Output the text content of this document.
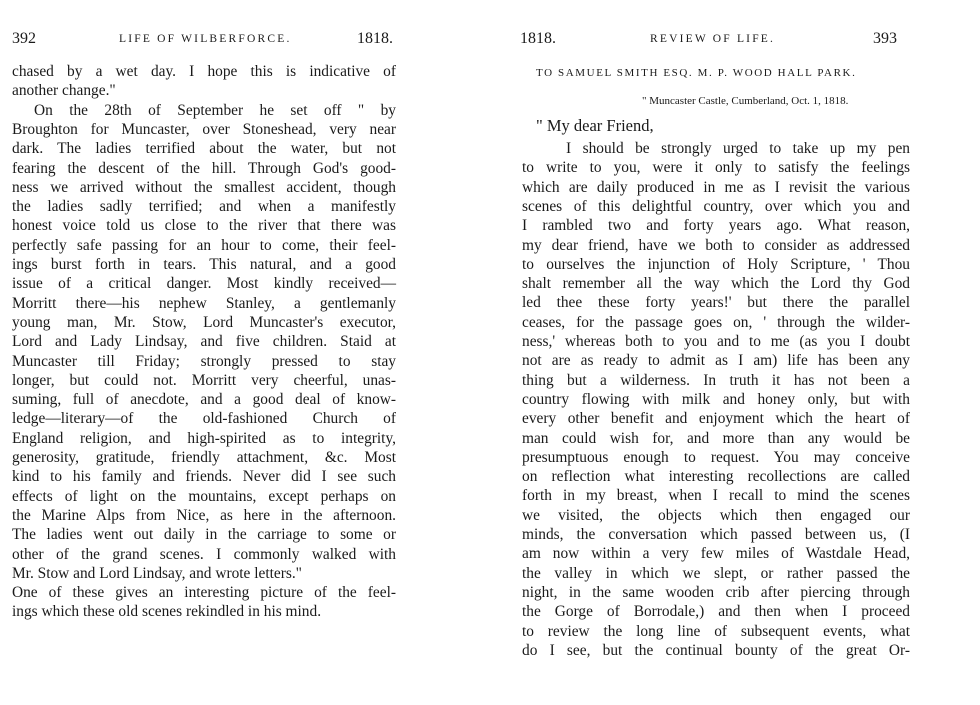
392	LIFE OF WILBERFORCE.	1818.
chased by a wet day. I hope this is indicative of
another change."
On the 28th of September he set off " by
Broughton for Muncaster, over Stoneshead, very near
dark. The ladies terrified about the water, but not
fearing the descent of the hill. Through God's good-
ness we arrived without the smallest accident, though
the ladies sadly terrified; and when a manifestly
honest voice told us close to the river that there was
perfectly safe passing for an hour to come, their feel-
ings burst forth in tears. This natural, and a good
issue of a critical danger. Most kindly received—
Morritt there—his nephew Stanley, a gentlemanly
young man, Mr. Stow, Lord Muncaster's executor,
Lord and Lady Lindsay, and five children. Staid at
Muncaster till Friday; strongly pressed to stay
longer, but could not. Morritt very cheerful, unas-
suming, full of anecdote, and a good deal of know-
ledge—literary—of the old-fashioned Church of
England religion, and high-spirited as to integrity,
generosity, gratitude, friendly attachment, &c. Most
kind to his family and friends. Never did I see such
effects of light on the mountains, except perhaps on
the Marine Alps from Nice, as here in the afternoon.
The ladies went out daily in the carriage to some or
other of the grand scenes. I commonly walked with
Mr. Stow and Lord Lindsay, and wrote letters."
One of these gives an interesting picture of the feel-
ings which these old scenes rekindled in his mind.
1818.	REVIEW OF LIFE.	393
TO SAMUEL SMITH ESQ. M. P. WOOD HALL PARK.
" Muncaster Castle, Cumberland, Oct. 1, 1818.
" My dear Friend,
I should be strongly urged to take up my pen
to write to you, were it only to satisfy the feelings
which are daily produced in me as I revisit the various
scenes of this delightful country, over which you and
I rambled two and forty years ago. What reason,
my dear friend, have we both to consider as addressed
to ourselves the injunction of Holy Scripture, ' Thou
shalt remember all the way which the Lord thy God
led thee these forty years!' but there the parallel
ceases, for the passage goes on, ' through the wilder-
ness,' whereas both to you and to me (as you I doubt
not are as ready to admit as I am) life has been any
thing but a wilderness. In truth it has not been a
country flowing with milk and honey only, but with
every other benefit and enjoyment which the heart of
man could wish for, and more than any would be
presumptuous enough to request. You may conceive
on reflection what interesting recollections are called
forth in my breast, when I recall to mind the scenes
we visited, the objects which then engaged our
minds, the conversation which passed between us, (I
am now within a very few miles of Wastdale Head,
the valley in which we slept, or rather passed the
night, in the same wooden crib after piercing through
the Gorge of Borrodale,) and then when I proceed
to review the long line of subsequent events, what
do I see, but the continual bounty of the great Or-
